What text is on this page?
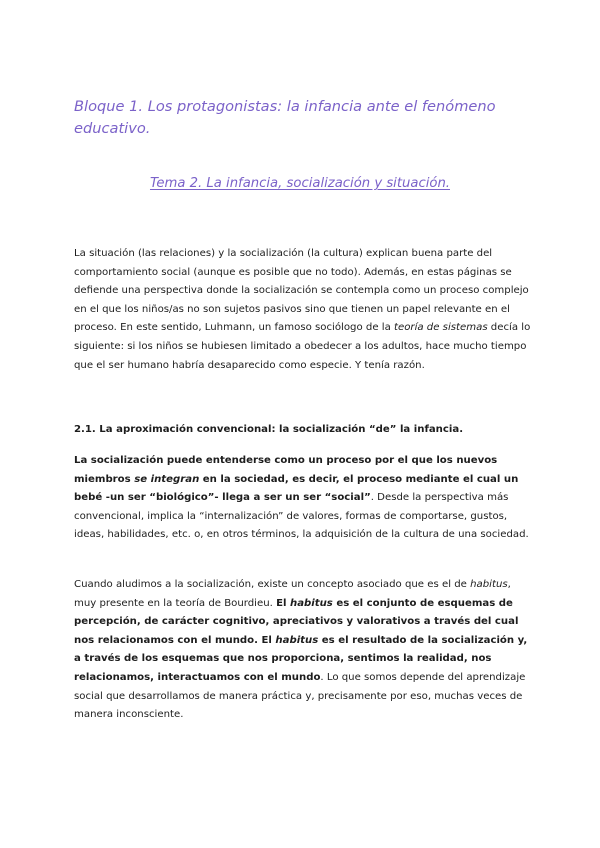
Bloque 1. Los protagonistas: la infancia ante el fenómeno educativo.
Tema 2. La infancia, socialización y situación.

La situación (las relaciones) y la socialización (la cultura) explican buena parte del comportamiento social (aunque es posible que no todo). Además, en estas páginas se defiende una perspectiva donde la socialización se contempla como un proceso complejo en el que los niños/as no son sujetos pasivos sino que tienen un papel relevante en el proceso. En este sentido, Luhmann, un famoso sociólogo de la teoría de sistemas decía lo siguiente: si los niños se hubiesen limitado a obedecer a los adultos, hace mucho tiempo que el ser humano habría desaparecido como especie. Y tenía razón.

2.1. La aproximación convencional: la socialización “de” la infancia.

La socialización puede entenderse como un proceso por el que los nuevos miembros se integran en la sociedad, es decir, el proceso mediante el cual un bebé -un ser “biológico”- llega a ser un ser “social”. Desde la perspectiva más convencional, implica la “internalización” de valores, formas de comportarse, gustos, ideas, habilidades, etc. o, en otros términos, la adquisición de la cultura de una sociedad.

Cuando aludimos a la socialización, existe un concepto asociado que es el de habitus, muy presente en la teoría de Bourdieu. El habitus es el conjunto de esquemas de percepción, de carácter cognitivo, apreciativos y valorativos a través del cual nos relacionamos con el mundo. El habitus es el resultado de la socialización y, a través de los esquemas que nos proporciona, sentimos la realidad, nos relacionamos, interactuamos con el mundo. Lo que somos depende del aprendizaje social que desarrollamos de manera práctica y, precisamente por eso, muchas veces de manera inconsciente.
